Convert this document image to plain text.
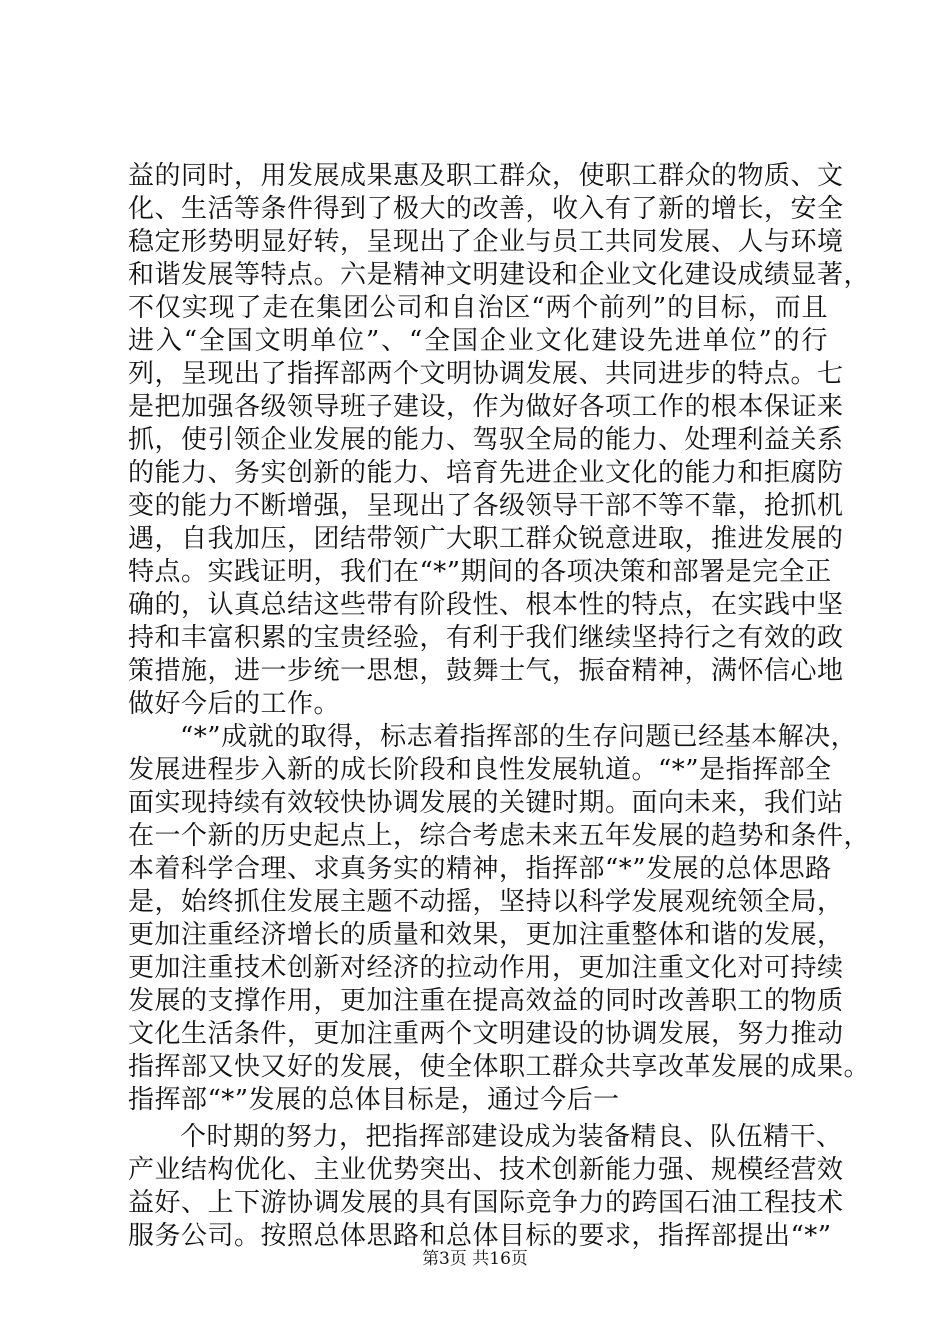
益的同时，用发展成果惠及职工群众，使职工群众的物质、文
化、生活等条件得到了极大的改善，收入有了新的增长，安全
稳定形势明显好转，呈现出了企业与员工共同发展、人与环境
和谐发展等特点。六是精神文明建设和企业文化建设成绩显著，
不仅实现了走在集团公司和自治区“两个前列”的目标，而且
进入“全国文明单位”、“全国企业文化建设先进单位”的行
列，呈现出了指挥部两个文明协调发展、共同进步的特点。七
是把加强各级领导班子建设，作为做好各项工作的根本保证来
抓，使引领企业发展的能力、驾驭全局的能力、处理利益关系
的能力、务实创新的能力、培育先进企业文化的能力和拒腐防
变的能力不断增强，呈现出了各级领导干部不等不靠，抢抓机
遇，自我加压，团结带领广大职工群众锐意进取，推进发展的
特点。实践证明，我们在“*”期间的各项决策和部署是完全正
确的，认真总结这些带有阶段性、根本性的特点，在实践中坚
持和丰富积累的宝贵经验，有利于我们继续坚持行之有效的政
策措施，进一步统一思想，鼓舞士气，振奋精神，满怀信心地
做好今后的工作。
“*”成就的取得，标志着指挥部的生存问题已经基本解决，
发展进程步入新的成长阶段和良性发展轨道。“*”是指挥部全
面实现持续有效较快协调发展的关键时期。面向未来，我们站
在一个新的历史起点上，综合考虑未来五年发展的趋势和条件，
本着科学合理、求真务实的精神，指挥部“*”发展的总体思路
是，始终抓住发展主题不动摇，坚持以科学发展观统领全局，
更加注重经济增长的质量和效果，更加注重整体和谐的发展，
更加注重技术创新对经济的拉动作用，更加注重文化对可持续
发展的支撑作用，更加注重在提高效益的同时改善职工的物质
文化生活条件，更加注重两个文明建设的协调发展，努力推动
指挥部又快又好的发展，使全体职工群众共享改革发展的成果。
指挥部“*”发展的总体目标是，通过今后一
个时期的努力，把指挥部建设成为装备精良、队伍精干、
产业结构优化、主业优势突出、技术创新能力强、规模经营效
益好、上下游协调发展的具有国际竞争力的跨国石油工程技术
服务公司。按照总体思路和总体目标的要求，指挥部提出“*”
第3页 共16页
